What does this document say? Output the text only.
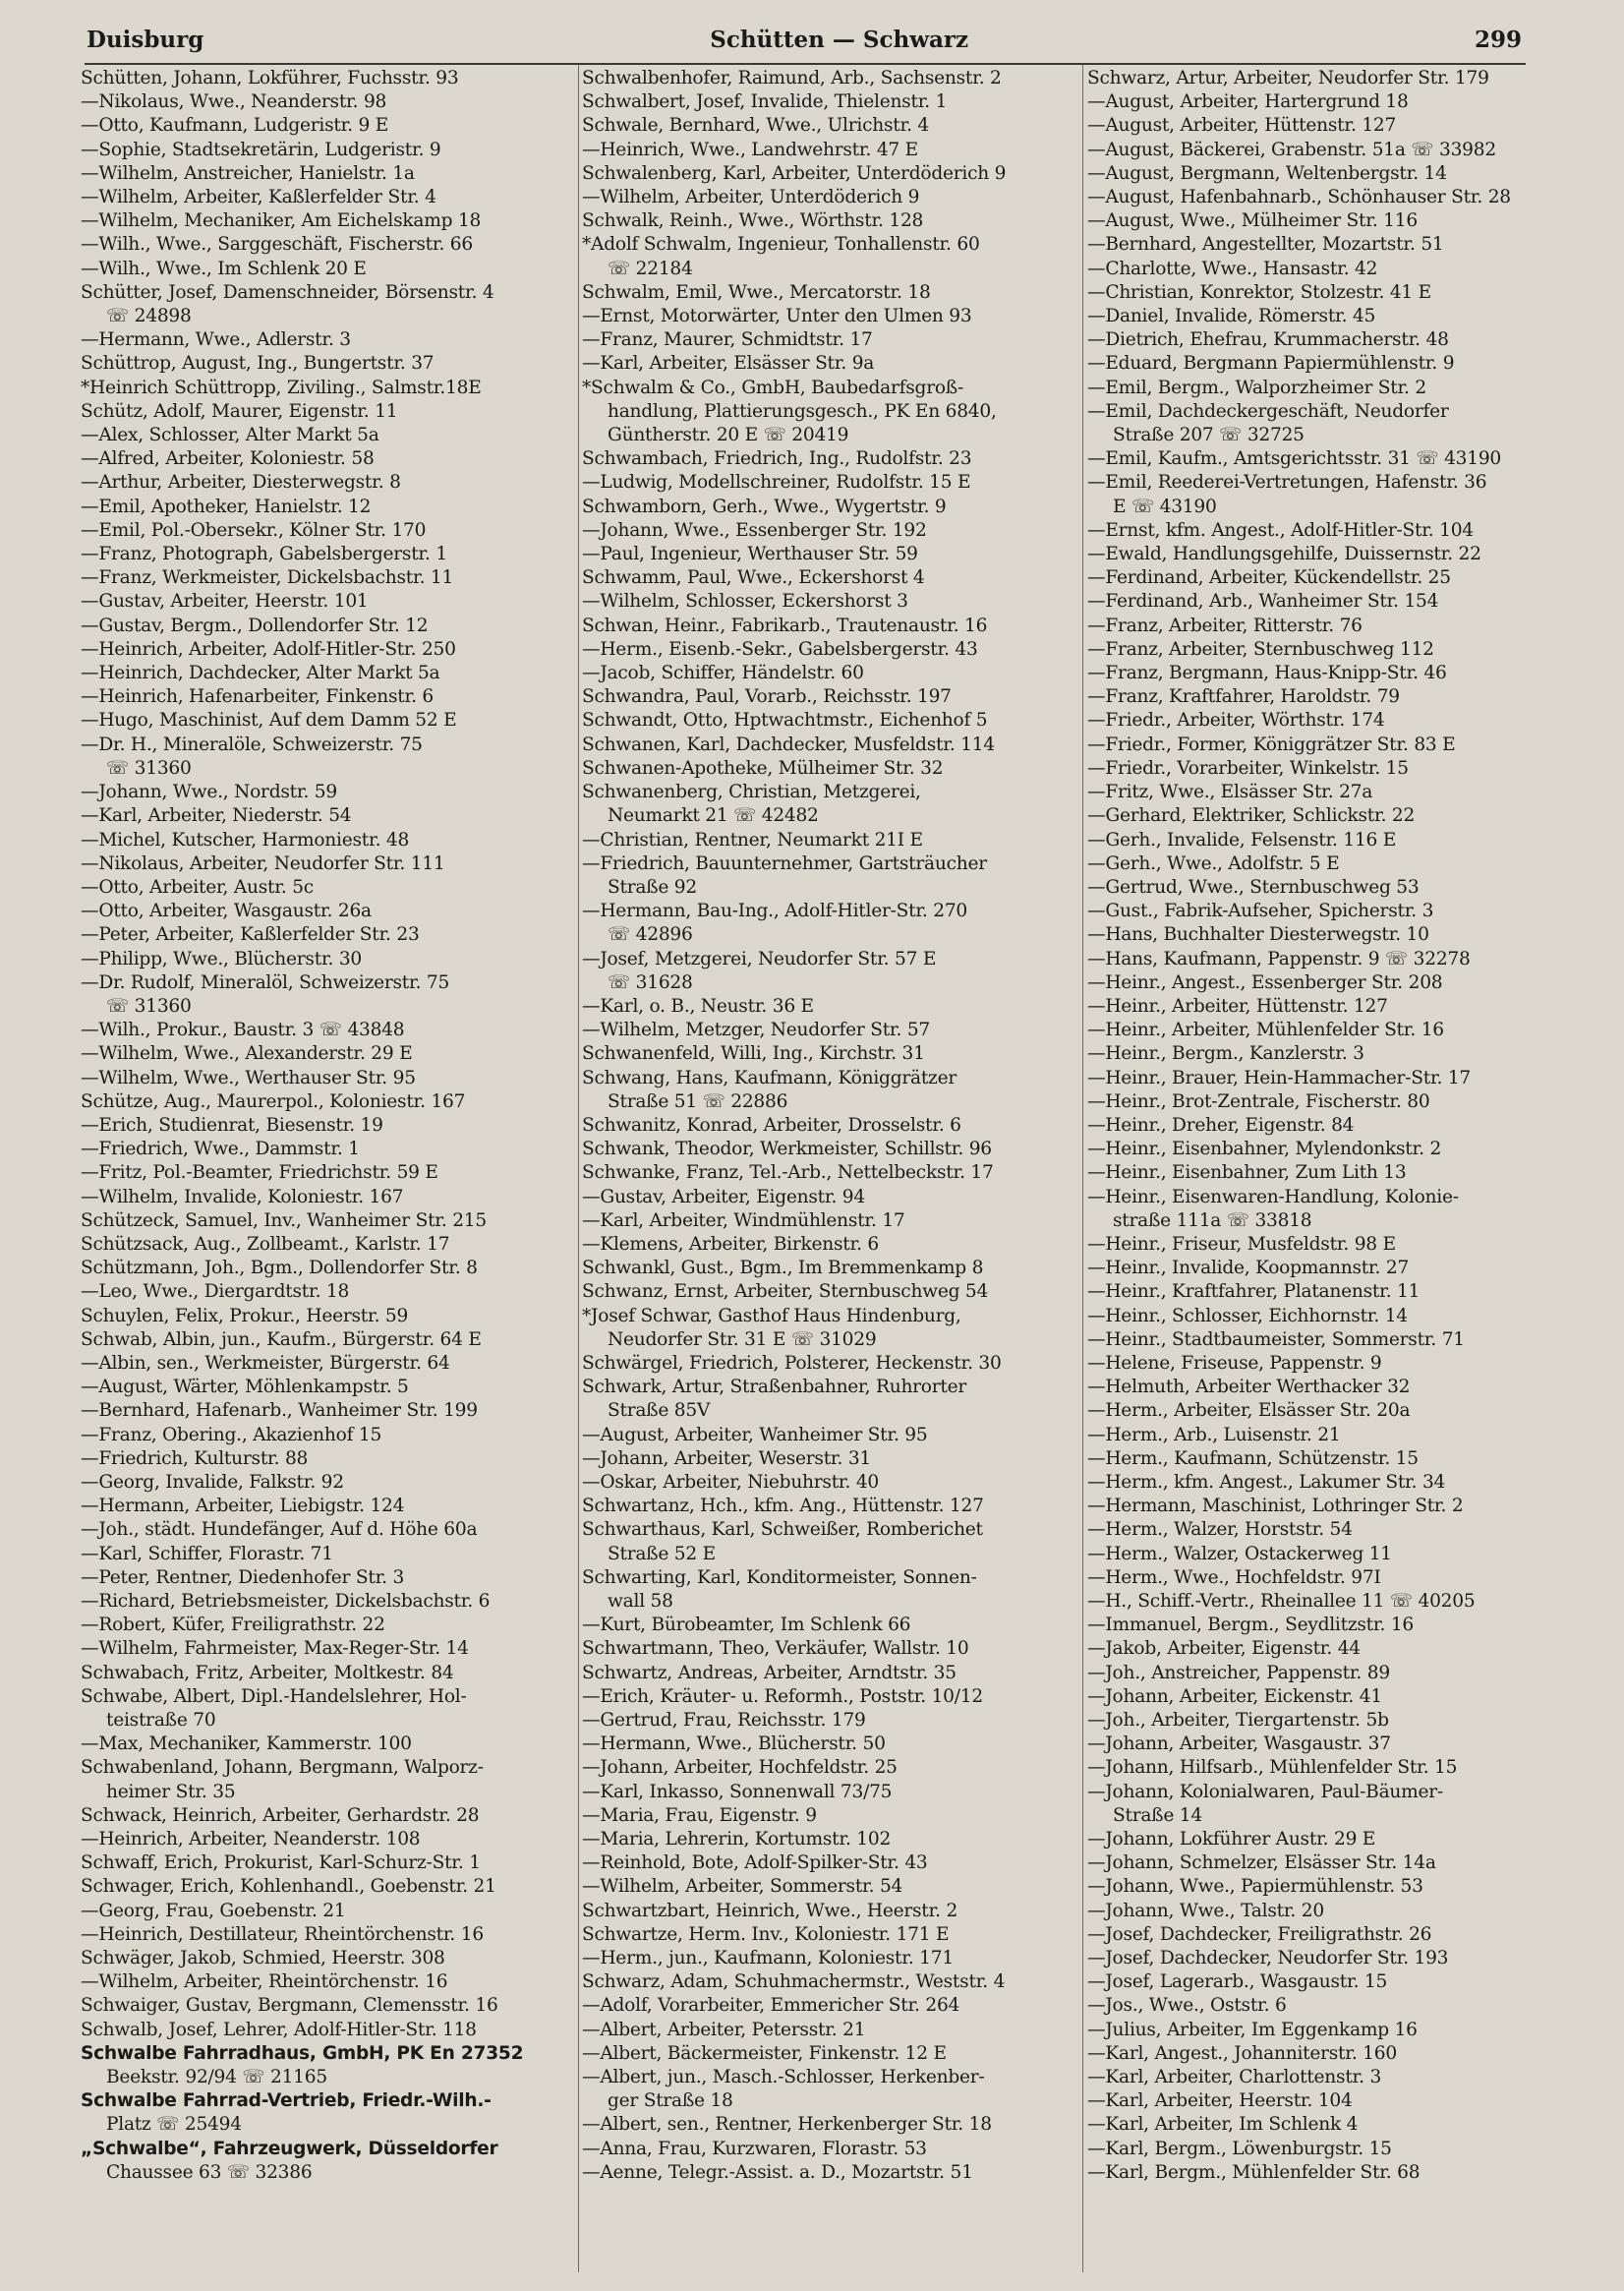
Duisburg	Schütten — Schwarz	299
Schütten, Johann, Lokführer, Fuchsstr. 93
—Nikolaus, Wwe., Neanderstr. 98
—Otto, Kaufmann, Ludgeristr. 9 E
—Sophie, Stadtsekretärin, Ludgeristr. 9
—Wilhelm, Anstreicher, Hanielstr. 1a
—Wilhelm, Arbeiter, Kaßlerfelder Str. 4
—Wilhelm, Mechaniker, Am Eichelskamp 18
—Wilh., Wwe., Sarggeschäft, Fischerstr. 66
—Wilh., Wwe., Im Schlenk 20 E
Schütter, Josef, Damenschneider, Börsenstr. 4
☏ 24898
—Hermann, Wwe., Adlerstr. 3
Schüttrop, August, Ing., Bungertstr. 37
*Heinrich Schüttropp, Ziviling., Salmstr.18E
Schütz, Adolf, Maurer, Eigenstr. 11
—Alex, Schlosser, Alter Markt 5a
—Alfred, Arbeiter, Koloniestr. 58
—Arthur, Arbeiter, Diesterwegstr. 8
—Emil, Apotheker, Hanielstr. 12
—Emil, Pol.-Obersekr., Kölner Str. 170
—Franz, Photograph, Gabelsbergerstr. 1
—Franz, Werkmeister, Dickelsbachstr. 11
—Gustav, Arbeiter, Heerstr. 101
—Gustav, Bergm., Dollendorfer Str. 12
—Heinrich, Arbeiter, Adolf-Hitler-Str. 250
—Heinrich, Dachdecker, Alter Markt 5a
—Heinrich, Hafenarbeiter, Finkenstr. 6
—Hugo, Maschinist, Auf dem Damm 52 E
—Dr. H., Mineralöle, Schweizerstr. 75
☏ 31360
—Johann, Wwe., Nordstr. 59
—Karl, Arbeiter, Niederstr. 54
—Michel, Kutscher, Harmoniestr. 48
—Nikolaus, Arbeiter, Neudorfer Str. 111
—Otto, Arbeiter, Austr. 5c
—Otto, Arbeiter, Wasgaustr. 26a
—Peter, Arbeiter, Kaßlerfelder Str. 23
—Philipp, Wwe., Blücherstr. 30
—Dr. Rudolf, Mineralöl, Schweizerstr. 75
☏ 31360
—Wilh., Prokur., Baustr. 3 ☏ 43848
—Wilhelm, Wwe., Alexanderstr. 29 E
—Wilhelm, Wwe., Werthauser Str. 95
Schütze, Aug., Maurerpol., Koloniestr. 167
—Erich, Studienrat, Biesenstr. 19
—Friedrich, Wwe., Dammstr. 1
—Fritz, Pol.-Beamter, Friedrichstr. 59 E
—Wilhelm, Invalide, Koloniestr. 167
Schützeck, Samuel, Inv., Wanheimer Str. 215
Schützsack, Aug., Zollbeamt., Karlstr. 17
Schützmann, Joh., Bgm., Dollendorfer Str. 8
—Leo, Wwe., Diergardtstr. 18
Schuylen, Felix, Prokur., Heerstr. 59
Schwab, Albin, jun., Kaufm., Bürgerstr. 64 E
—Albin, sen., Werkmeister, Bürgerstr. 64
—August, Wärter, Möhlenkampstr. 5
—Bernhard, Hafenarb., Wanheimer Str. 199
—Franz, Obering., Akazienhof 15
—Friedrich, Kulturstr. 88
—Georg, Invalide, Falkstr. 92
—Hermann, Arbeiter, Liebigstr. 124
—Joh., städt. Hundefänger, Auf d. Höhe 60a
—Karl, Schiffer, Florastr. 71
—Peter, Rentner, Diedenhofer Str. 3
—Richard, Betriebsmeister, Dickelsbachstr. 6
—Robert, Küfer, Freiligrathstr. 22
—Wilhelm, Fahrmeister, Max-Reger-Str. 14
Schwabach, Fritz, Arbeiter, Moltkestr. 84
Schwabe, Albert, Dipl.-Handelslehrer, Hol-
teistraße 70
—Max, Mechaniker, Kammerstr. 100
Schwabenland, Johann, Bergmann, Walporz-
heimer Str. 35
Schwack, Heinrich, Arbeiter, Gerhardstr. 28
—Heinrich, Arbeiter, Neanderstr. 108
Schwaff, Erich, Prokurist, Karl-Schurz-Str. 1
Schwager, Erich, Kohlenhandl., Goebenstr. 21
—Georg, Frau, Goebenstr. 21
—Heinrich, Destillateur, Rheintörchenstr. 16
Schwäger, Jakob, Schmied, Heerstr. 308
—Wilhelm, Arbeiter, Rheintörchenstr. 16
Schwaiger, Gustav, Bergmann, Clemensstr. 16
Schwalb, Josef, Lehrer, Adolf-Hitler-Str. 118
Schwalbe Fahrradhaus, GmbH, PK En 27352
Beekstr. 92/94 ☏ 21165
Schwalbe Fahrrad-Vertrieb, Friedr.-Wilh.-
Platz ☏ 25494
„Schwalbe“, Fahrzeugwerk, Düsseldorfer
Chaussee 63 ☏ 32386
Schwalbenhofer, Raimund, Arb., Sachsenstr. 2
Schwalbert, Josef, Invalide, Thielenstr. 1
Schwale, Bernhard, Wwe., Ulrichstr. 4
—Heinrich, Wwe., Landwehrstr. 47 E
Schwalenberg, Karl, Arbeiter, Unterdöderich 9
—Wilhelm, Arbeiter, Unterdöderich 9
Schwalk, Reinh., Wwe., Wörthstr. 128
*Adolf Schwalm, Ingenieur, Tonhallenstr. 60
☏ 22184
Schwalm, Emil, Wwe., Mercatorstr. 18
—Ernst, Motorwärter, Unter den Ulmen 93
—Franz, Maurer, Schmidtstr. 17
—Karl, Arbeiter, Elsässer Str. 9a
*Schwalm & Co., GmbH, Baubedarfsgroß-
handlung, Plattierungsgesch., PK En 6840,
Güntherstr. 20 E ☏ 20419
Schwambach, Friedrich, Ing., Rudolfstr. 23
—Ludwig, Modellschreiner, Rudolfstr. 15 E
Schwamborn, Gerh., Wwe., Wygertstr. 9
—Johann, Wwe., Essenberger Str. 192
—Paul, Ingenieur, Werthauser Str. 59
Schwamm, Paul, Wwe., Eckershorst 4
—Wilhelm, Schlosser, Eckershorst 3
Schwan, Heinr., Fabrikarb., Trautenaustr. 16
—Herm., Eisenb.-Sekr., Gabelsbergerstr. 43
—Jacob, Schiffer, Händelstr. 60
Schwandra, Paul, Vorarb., Reichsstr. 197
Schwandt, Otto, Hptwachtmstr., Eichenhof 5
Schwanen, Karl, Dachdecker, Musfeldstr. 114
Schwanen-Apotheke, Mülheimer Str. 32
Schwanenberg, Christian, Metzgerei,
Neumarkt 21 ☏ 42482
—Christian, Rentner, Neumarkt 21I E
—Friedrich, Bauunternehmer, Gartsträucher
Straße 92
—Hermann, Bau-Ing., Adolf-Hitler-Str. 270
☏ 42896
—Josef, Metzgerei, Neudorfer Str. 57 E
☏ 31628
—Karl, o. B., Neustr. 36 E
—Wilhelm, Metzger, Neudorfer Str. 57
Schwanenfeld, Willi, Ing., Kirchstr. 31
Schwang, Hans, Kaufmann, Königgrätzer
Straße 51 ☏ 22886
Schwanitz, Konrad, Arbeiter, Drosselstr. 6
Schwank, Theodor, Werkmeister, Schillstr. 96
Schwanke, Franz, Tel.-Arb., Nettelbeckstr. 17
—Gustav, Arbeiter, Eigenstr. 94
—Karl, Arbeiter, Windmühlenstr. 17
—Klemens, Arbeiter, Birkenstr. 6
Schwankl, Gust., Bgm., Im Bremmenkamp 8
Schwanz, Ernst, Arbeiter, Sternbuschweg 54
*Josef Schwar, Gasthof Haus Hindenburg,
Neudorfer Str. 31 E ☏ 31029
Schwärgel, Friedrich, Polsterer, Heckenstr. 30
Schwark, Artur, Straßenbahner, Ruhrorter
Straße 85V
—August, Arbeiter, Wanheimer Str. 95
—Johann, Arbeiter, Weserstr. 31
—Oskar, Arbeiter, Niebuhrstr. 40
Schwartanz, Hch., kfm. Ang., Hüttenstr. 127
Schwarthaus, Karl, Schweißer, Romberichet
Straße 52 E
Schwarting, Karl, Konditormeister, Sonnen-
wall 58
—Kurt, Bürobeamter, Im Schlenk 66
Schwartmann, Theo, Verkäufer, Wallstr. 10
Schwartz, Andreas, Arbeiter, Arndtstr. 35
—Erich, Kräuter- u. Reformh., Poststr. 10/12
—Gertrud, Frau, Reichsstr. 179
—Hermann, Wwe., Blücherstr. 50
—Johann, Arbeiter, Hochfeldstr. 25
—Karl, Inkasso, Sonnenwall 73/75
—Maria, Frau, Eigenstr. 9
—Maria, Lehrerin, Kortumstr. 102
—Reinhold, Bote, Adolf-Spilker-Str. 43
—Wilhelm, Arbeiter, Sommerstr. 54
Schwartzbart, Heinrich, Wwe., Heerstr. 2
Schwartze, Herm. Inv., Koloniestr. 171 E
—Herm., jun., Kaufmann, Koloniestr. 171
Schwarz, Adam, Schuhmachermstr., Weststr. 4
—Adolf, Vorarbeiter, Emmericher Str. 264
—Albert, Arbeiter, Petersstr. 21
—Albert, Bäckermeister, Finkenstr. 12 E
—Albert, jun., Masch.-Schlosser, Herkenber-
ger Straße 18
—Albert, sen., Rentner, Herkenberger Str. 18
—Anna, Frau, Kurzwaren, Florastr. 53
—Aenne, Telegr.-Assist. a. D., Mozartstr. 51
Schwarz, Artur, Arbeiter, Neudorfer Str. 179
—August, Arbeiter, Hartergrund 18
—August, Arbeiter, Hüttenstr. 127
—August, Bäckerei, Grabenstr. 51a ☏ 33982
—August, Bergmann, Weltenbergstr. 14
—August, Hafenbahnarb., Schönhauser Str. 28
—August, Wwe., Mülheimer Str. 116
—Bernhard, Angestellter, Mozartstr. 51
—Charlotte, Wwe., Hansastr. 42
—Christian, Konrektor, Stolzestr. 41 E
—Daniel, Invalide, Römerstr. 45
—Dietrich, Ehefrau, Krummacherstr. 48
—Eduard, Bergmann Papiermühlenstr. 9
—Emil, Bergm., Walporzheimer Str. 2
—Emil, Dachdeckergeschäft, Neudorfer
Straße 207 ☏ 32725
—Emil, Kaufm., Amtsgerichtsstr. 31 ☏ 43190
—Emil, Reederei-Vertretungen, Hafenstr. 36
E ☏ 43190
—Ernst, kfm. Angest., Adolf-Hitler-Str. 104
—Ewald, Handlungsgehilfe, Duissernstr. 22
—Ferdinand, Arbeiter, Kückendellstr. 25
—Ferdinand, Arb., Wanheimer Str. 154
—Franz, Arbeiter, Ritterstr. 76
—Franz, Arbeiter, Sternbuschweg 112
—Franz, Bergmann, Haus-Knipp-Str. 46
—Franz, Kraftfahrer, Haroldstr. 79
—Friedr., Arbeiter, Wörthstr. 174
—Friedr., Former, Königgrätzer Str. 83 E
—Friedr., Vorarbeiter, Winkelstr. 15
—Fritz, Wwe., Elsässer Str. 27a
—Gerhard, Elektriker, Schlickstr. 22
—Gerh., Invalide, Felsenstr. 116 E
—Gerh., Wwe., Adolfstr. 5 E
—Gertrud, Wwe., Sternbuschweg 53
—Gust., Fabrik-Aufseher, Spicherstr. 3
—Hans, Buchhalter Diesterwegstr. 10
—Hans, Kaufmann, Pappenstr. 9 ☏ 32278
—Heinr., Angest., Essenberger Str. 208
—Heinr., Arbeiter, Hüttenstr. 127
—Heinr., Arbeiter, Mühlenfelder Str. 16
—Heinr., Bergm., Kanzlerstr. 3
—Heinr., Brauer, Hein-Hammacher-Str. 17
—Heinr., Brot-Zentrale, Fischerstr. 80
—Heinr., Dreher, Eigenstr. 84
—Heinr., Eisenbahner, Mylendonkstr. 2
—Heinr., Eisenbahner, Zum Lith 13
—Heinr., Eisenwaren-Handlung, Kolonie-
straße 111a ☏ 33818
—Heinr., Friseur, Musfeldstr. 98 E
—Heinr., Invalide, Koopmannstr. 27
—Heinr., Kraftfahrer, Platanenstr. 11
—Heinr., Schlosser, Eichhornstr. 14
—Heinr., Stadtbaumeister, Sommerstr. 71
—Helene, Friseuse, Pappenstr. 9
—Helmuth, Arbeiter Werthacker 32
—Herm., Arbeiter, Elsässer Str. 20a
—Herm., Arb., Luisenstr. 21
—Herm., Kaufmann, Schützenstr. 15
—Herm., kfm. Angest., Lakumer Str. 34
—Hermann, Maschinist, Lothringer Str. 2
—Herm., Walzer, Horststr. 54
—Herm., Walzer, Ostackerweg 11
—Herm., Wwe., Hochfeldstr. 97I
—H., Schiff.-Vertr., Rheinallee 11 ☏ 40205
—Immanuel, Bergm., Seydlitzstr. 16
—Jakob, Arbeiter, Eigenstr. 44
—Joh., Anstreicher, Pappenstr. 89
—Johann, Arbeiter, Eickenstr. 41
—Joh., Arbeiter, Tiergartenstr. 5b
—Johann, Arbeiter, Wasgaustr. 37
—Johann, Hilfsarb., Mühlenfelder Str. 15
—Johann, Kolonialwaren, Paul-Bäumer-
Straße 14
—Johann, Lokführer Austr. 29 E
—Johann, Schmelzer, Elsässer Str. 14a
—Johann, Wwe., Papiermühlenstr. 53
—Johann, Wwe., Talstr. 20
—Josef, Dachdecker, Freiligrathstr. 26
—Josef, Dachdecker, Neudorfer Str. 193
—Josef, Lagerarb., Wasgaustr. 15
—Jos., Wwe., Oststr. 6
—Julius, Arbeiter, Im Eggenkamp 16
—Karl, Angest., Johanniterstr. 160
—Karl, Arbeiter, Charlottenstr. 3
—Karl, Arbeiter, Heerstr. 104
—Karl, Arbeiter, Im Schlenk 4
—Karl, Bergm., Löwenburgstr. 15
—Karl, Bergm., Mühlenfelder Str. 68
